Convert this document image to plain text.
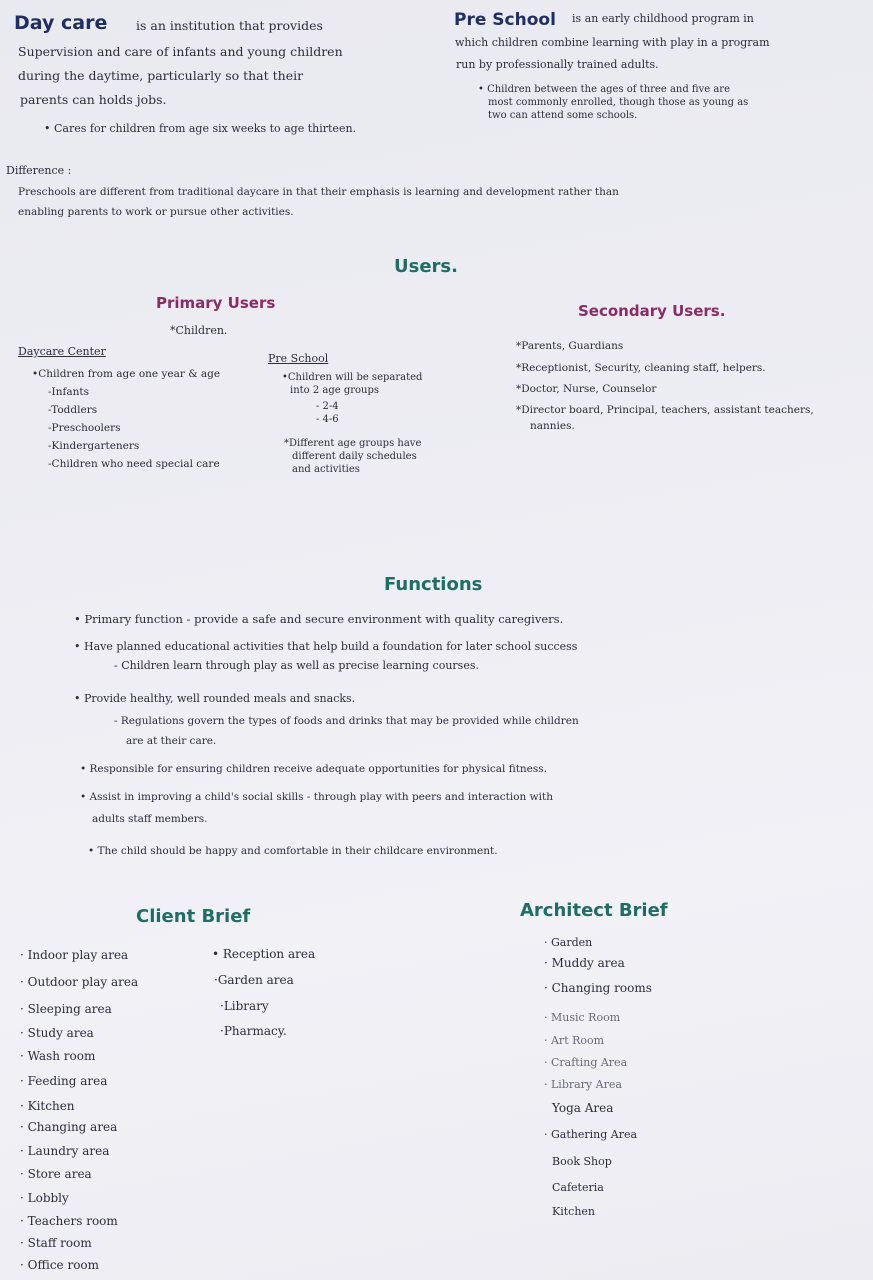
Day care is an institution that provides
Supervision and care of infants and young children
during the daytime, particularly so that their
parents can holds jobs.
• Cares for children from age six weeks to age thirteen.
Pre School is an early childhood program in
which children combine learning with play in a program
run by professionally trained adults.
• Children between the ages of three and five are
most commonly enrolled, though those as young as
two can attend some schools.
Difference :
Preschools are different from traditional daycare in that their emphasis is learning and development rather than
enabling parents to work or pursue other activities.
Users.
Primary Users
*Children.
Daycare Center
•Children from age one year & age
-Infants
-Toddlers
-Preschoolers
-Kindergarteners
-Children who need special care
Pre School
•Children will be separated
into 2 age groups
- 2-4
- 4-6
*Different age groups have
different daily schedules
and activities
Secondary Users.
*Parents, Guardians
*Receptionist, Security, cleaning staff, helpers.
*Doctor, Nurse, Counselor
*Director board, Principal, teachers, assistant teachers,
nannies.
Functions
• Primary function - provide a safe and secure environment with quality caregivers.
• Have planned educational activities that help build a foundation for later school success
- Children learn through play as well as precise learning courses.
• Provide healthy, well rounded meals and snacks.
- Regulations govern the types of foods and drinks that may be provided while children
are at their care.
• Responsible for ensuring children receive adequate opportunities for physical fitness.
• Assist in improving a child's social skills - through play with peers and interaction with
adults staff members.
• The child should be happy and comfortable in their childcare environment.
Client Brief
· Indoor play area
· Outdoor play area
· Sleeping area
· Study area
· Wash room
· Feeding area
· Kitchen
· Changing area
· Laundry area
· Store area
· Lobbly
· Teachers room
· Staff room
· Office room
• Reception area
·Garden area
·Library
·Pharmacy.
Architect Brief
· Garden
· Muddy area
· Changing rooms
· Music Room
· Art Room
· Crafting Area
· Library Area
Yoga Area
· Gathering Area
Book Shop
Cafeteria
Kitchen
